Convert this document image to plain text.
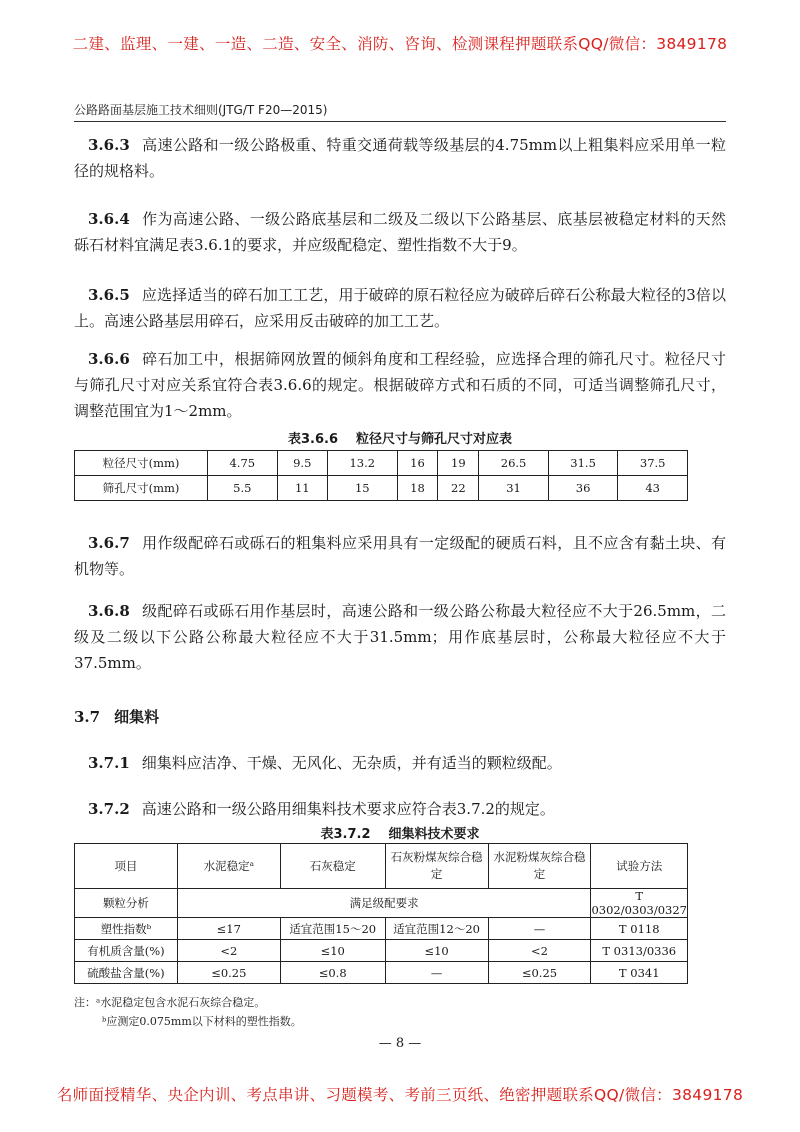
二建、监理、一建、一造、二造、安全、消防、咨询、检测课程押题联系QQ/微信：3849178
公路路面基层施工技术细则(JTG/T F20—2015)
3.6.3 高速公路和一级公路极重、特重交通荷载等级基层的4.75mm以上粗集料应采用单一粒径的规格料。
3.6.4 作为高速公路、一级公路底基层和二级及二级以下公路基层、底基层被稳定材料的天然砾石材料宜满足表3.6.1的要求，并应级配稳定、塑性指数不大于9。
3.6.5 应选择适当的碎石加工工艺，用于破碎的原石粒径应为破碎后碎石公称最大粒径的3倍以上。高速公路基层用碎石，应采用反击破碎的加工工艺。
3.6.6 碎石加工中，根据筛网放置的倾斜角度和工程经验，应选择合理的筛孔尺寸。粒径尺寸与筛孔尺寸对应关系宜符合表3.6.6的规定。根据破碎方式和石质的不同，可适当调整筛孔尺寸，调整范围宜为1～2mm。
表3.6.6 粒径尺寸与筛孔尺寸对应表
粒径尺寸(mm)	4.75	9.5	13.2	16	19	26.5	31.5	37.5
筛孔尺寸(mm)	5.5	11	15	18	22	31	36	43
3.6.7 用作级配碎石或砾石的粗集料应采用具有一定级配的硬质石料，且不应含有黏土块、有机物等。
3.6.8 级配碎石或砾石用作基层时，高速公路和一级公路公称最大粒径应不大于26.5mm，二级及二级以下公路公称最大粒径应不大于31.5mm；用作底基层时，公称最大粒径应不大于37.5mm。
3.7 细集料
3.7.1 细集料应洁净、干燥、无风化、无杂质，并有适当的颗粒级配。
3.7.2 高速公路和一级公路用细集料技术要求应符合表3.7.2的规定。
表3.7.2 细集料技术要求
项目	水泥稳定ᵃ	石灰稳定	石灰粉煤灰综合稳定	水泥粉煤灰综合稳定	试验方法
颗粒分析	满足级配要求				T 0302/0303/0327
塑性指数ᵇ	≤17	适宜范围15～20	适宜范围12～20	—	T 0118
有机质含量(%)	<2	≤10	≤10	<2	T 0313/0336
硫酸盐含量(%)	≤0.25	≤0.8	—	≤0.25	T 0341
注：ᵃ水泥稳定包含水泥石灰综合稳定。
ᵇ应测定0.075mm以下材料的塑性指数。
— 8 —
名师面授精华、央企内训、考点串讲、习题模考、考前三页纸、绝密押题联系QQ/微信：3849178
